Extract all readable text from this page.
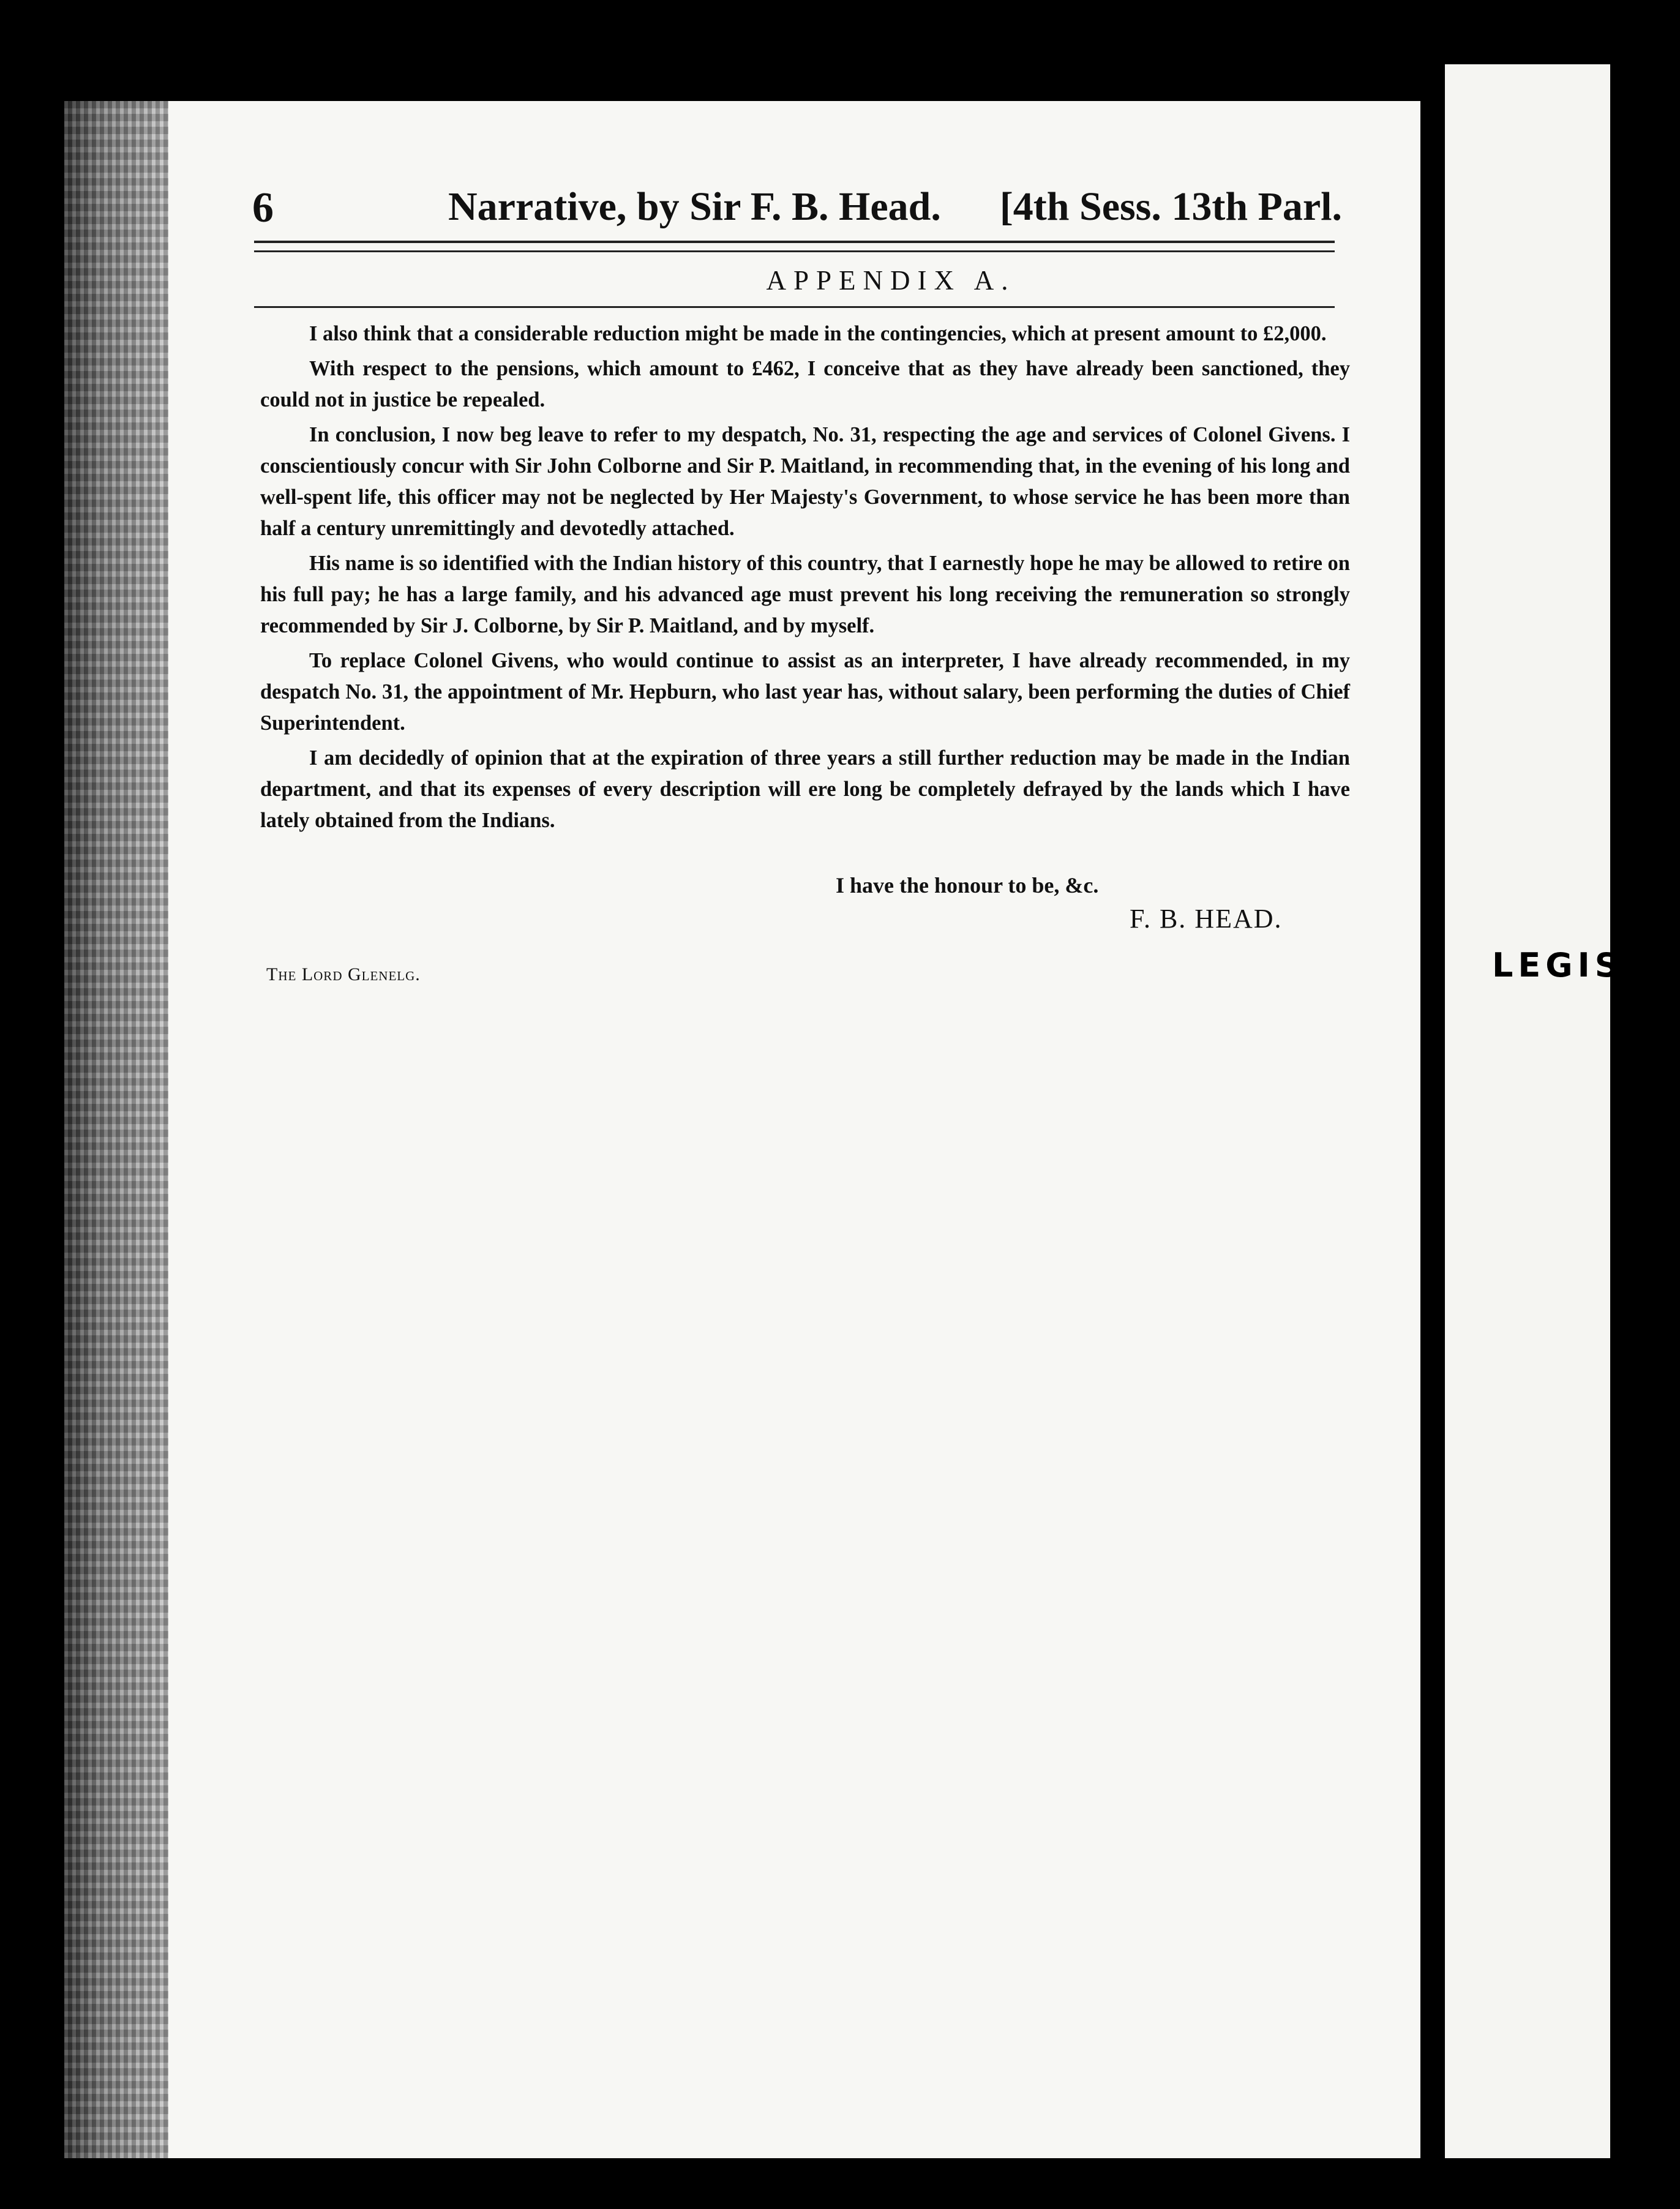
LEGISLA
6	Narrative, by Sir F. B. Head. [4th Sess. 13th Parl.
APPENDIX A.

I also think that a considerable reduction might be made in the contingencies, which at present amount to £2,000.

With respect to the pensions, which amount to £462, I conceive that as they have already been sanctioned, they could not in justice be repealed.

In conclusion, I now beg leave to refer to my despatch, No. 31, respecting the age and services of Colonel Givens. I conscientiously concur with Sir John Colborne and Sir P. Maitland, in recommending that, in the evening of his long and well-spent life, this officer may not be neglected by Her Majesty's Government, to whose service he has been more than half a century unremittingly and devotedly attached.

His name is so identified with the Indian history of this country, that I earnestly hope he may be allowed to retire on his full pay; he has a large family, and his advanced age must prevent his long receiving the remuneration so strongly recommended by Sir J. Colborne, by Sir P. Maitland, and by myself.

To replace Colonel Givens, who would continue to assist as an interpreter, I have already recommended, in my despatch No. 31, the appointment of Mr. Hepburn, who last year has, without salary, been performing the duties of Chief Superintendent.

I am decidedly of opinion that at the expiration of three years a still further reduction may be made in the Indian department, and that its expenses of every description will ere long be completely defrayed by the lands which I have lately obtained from the Indians.

I have the honour to be, &c.
F. B. HEAD.
The Lord Glenelg.
